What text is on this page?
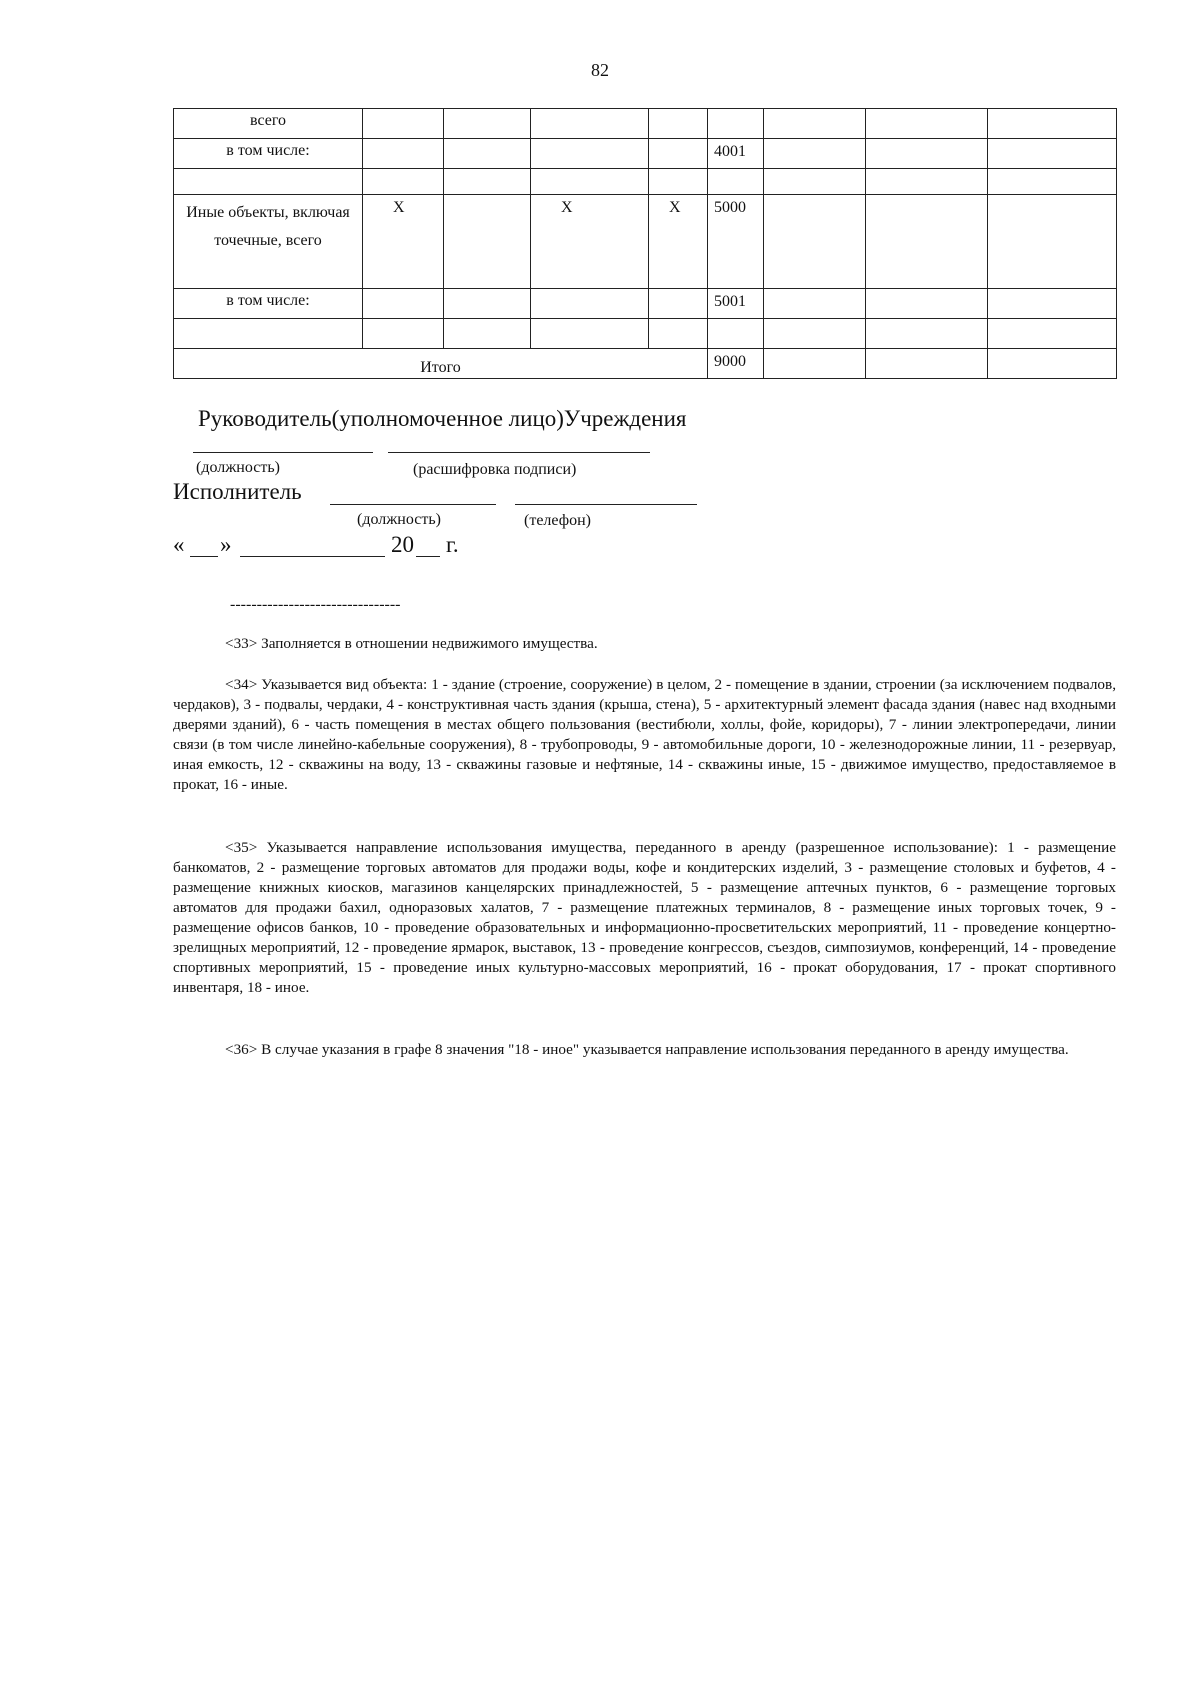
82
всего								
в том числе:					4001			

Иные объекты, включая точечные, всего	Х		Х	Х	5000			
в том числе:					5001			

Итого					9000			
Руководитель(уполномоченное лицо)Учреждения
(должность)	(расшифровка подписи)
Исполнитель
(должность)	(телефон)
« »	20 г.
--------------------------------
<33> Заполняется в отношении недвижимого имущества.
<34> Указывается вид объекта: 1 - здание (строение, сооружение) в целом, 2 - помещение в здании, строении (за исключением подвалов, чердаков), 3 - подвалы, чердаки, 4 - конструктивная часть здания (крыша, стена), 5 - архитектурный элемент фасада здания (навес над входными дверями зданий), 6 - часть помещения в местах общего пользования (вестибюли, холлы, фойе, коридоры), 7 - линии электропередачи, линии связи (в том числе линейно-кабельные сооружения), 8 - трубопроводы, 9 - автомобильные дороги, 10 - железнодорожные линии, 11 - резервуар, иная емкость, 12 - скважины на воду, 13 - скважины газовые и нефтяные, 14 - скважины иные, 15 - движимое имущество, предоставляемое в прокат, 16 - иные.
<35> Указывается направление использования имущества, переданного в аренду (разрешенное использование): 1 - размещение банкоматов, 2 - размещение торговых автоматов для продажи воды, кофе и кондитерских изделий, 3 - размещение столовых и буфетов, 4 - размещение книжных киосков, магазинов канцелярских принадлежностей, 5 - размещение аптечных пунктов, 6 - размещение торговых автоматов для продажи бахил, одноразовых халатов, 7 - размещение платежных терминалов, 8 - размещение иных торговых точек, 9 - размещение офисов банков, 10 - проведение образовательных и информационно-просветительских мероприятий, 11 - проведение концертно-зрелищных мероприятий, 12 - проведение ярмарок, выставок, 13 - проведение конгрессов, съездов, симпозиумов, конференций, 14 - проведение спортивных мероприятий, 15 - проведение иных культурно-массовых мероприятий, 16 - прокат оборудования, 17 - прокат спортивного инвентаря, 18 - иное.
<36> В случае указания в графе 8 значения "18 - иное" указывается направление использования переданного в аренду имущества.
